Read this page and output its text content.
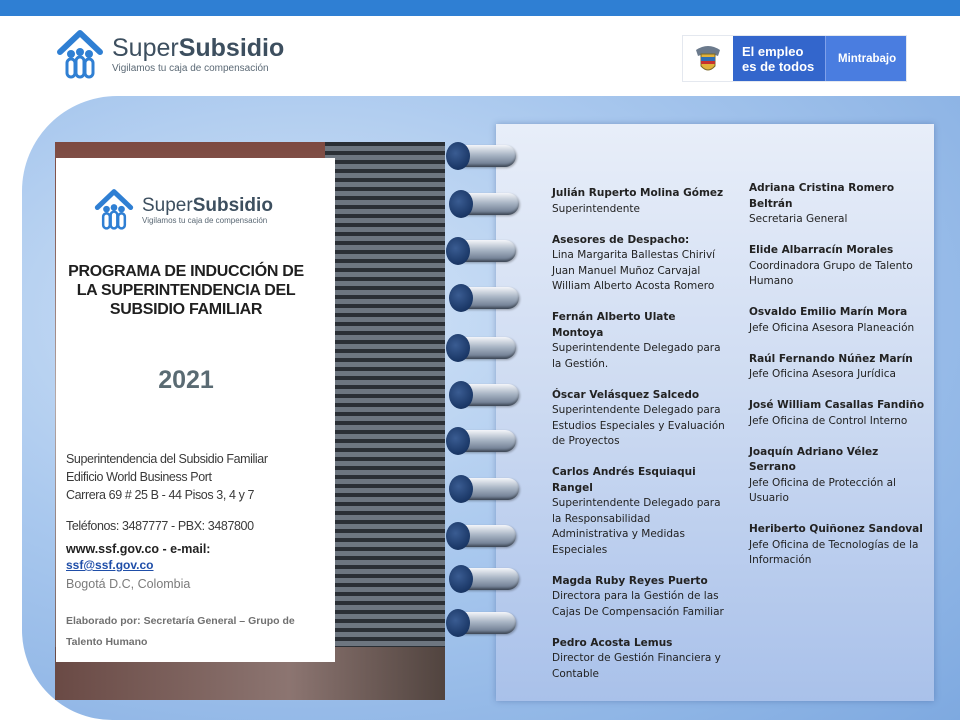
SuperSubsidio
Vigilamos tu caja de compensación
El empleo
es de todos
Mintrabajo
SuperSubsidio
Vigilamos tu caja de compensación
PROGRAMA DE INDUCCIÓN DE LA SUPERINTENDENCIA DEL SUBSIDIO FAMILIAR
2021
Superintendencia del Subsidio Familiar
Edificio World Business Port
Carrera 69 # 25 B - 44 Pisos 3, 4 y 7
Teléfonos: 3487777 - PBX: 3487800
www.ssf.gov.co - e-mail:
ssf@ssf.gov.co
Bogotá D.C, Colombia
Elaborado por: Secretaría General – Grupo de Talento Humano
Julián Ruperto Molina Gómez
Superintendente
Asesores de Despacho:
Lina Margarita Ballestas Chiriví
Juan Manuel Muñoz Carvajal
William Alberto Acosta Romero
Fernán Alberto Ulate Montoya
Superintendente Delegado para la Gestión.
Óscar Velásquez Salcedo
Superintendente Delegado para Estudios Especiales y Evaluación de Proyectos
Carlos Andrés Esquiaqui Rangel
Superintendente Delegado para la Responsabilidad Administrativa y Medidas Especiales
Magda Ruby Reyes Puerto
Directora para la Gestión de las Cajas De Compensación Familiar
Pedro Acosta Lemus
Director de Gestión Financiera y Contable
Adriana Cristina Romero Beltrán
Secretaria General
Elide Albarracín Morales
Coordinadora Grupo de Talento Humano
Osvaldo Emilio Marín Mora
Jefe Oficina Asesora Planeación
Raúl Fernando Núñez Marín
Jefe Oficina Asesora Jurídica
José William Casallas Fandiño
Jefe Oficina de Control Interno
Joaquín Adriano Vélez Serrano
Jefe Oficina de Protección al Usuario
Heriberto Quiñonez Sandoval
Jefe Oficina de Tecnologías de la Información
